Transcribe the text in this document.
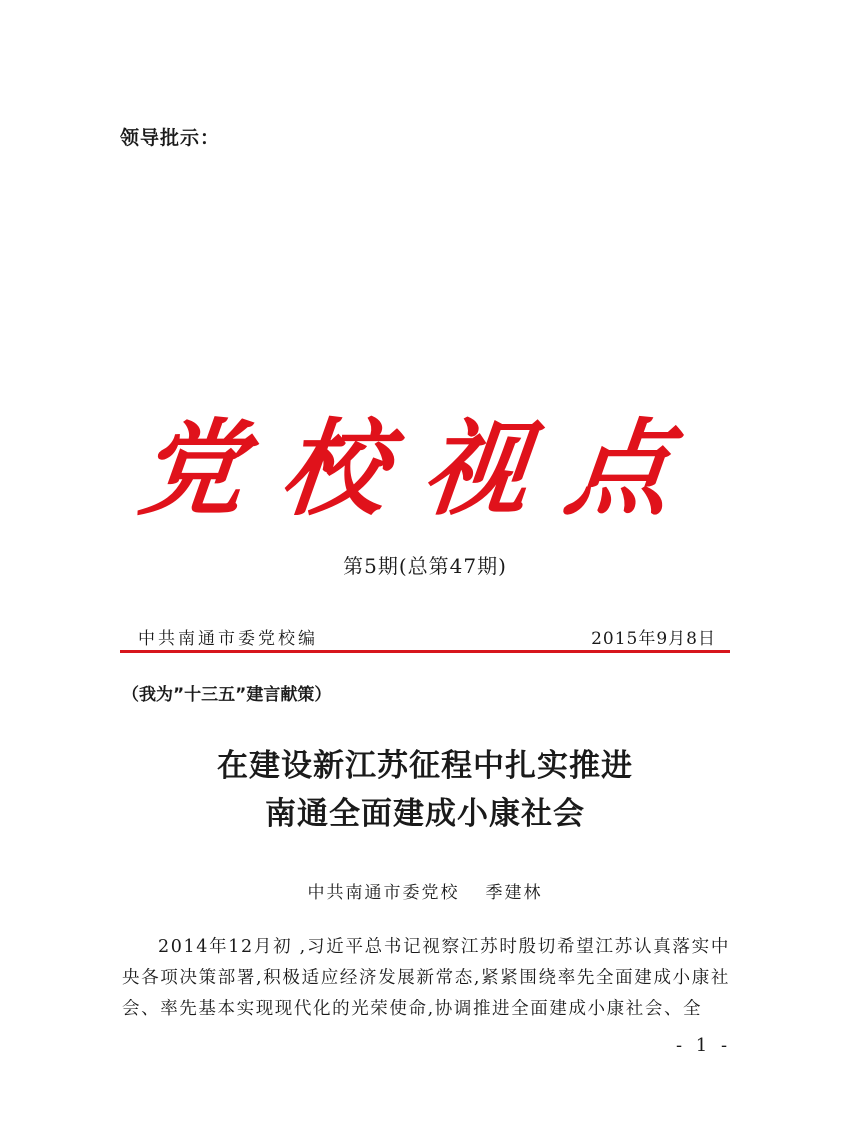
领导批示：
党校视点
第5期(总第47期)
中共南通市委党校编	2015年9月8日
（我为”十三五”建言献策）
在建设新江苏征程中扎实推进
南通全面建成小康社会
中共南通市委党校 季建林
2014年12月初 ,习近平总书记视察江苏时殷切希望江苏认真落实中央各项决策部署,积极适应经济发展新常态,紧紧围绕率先全面建成小康社会、率先基本实现现代化的光荣使命,协调推进全面建成小康社会、全
- 1 -
